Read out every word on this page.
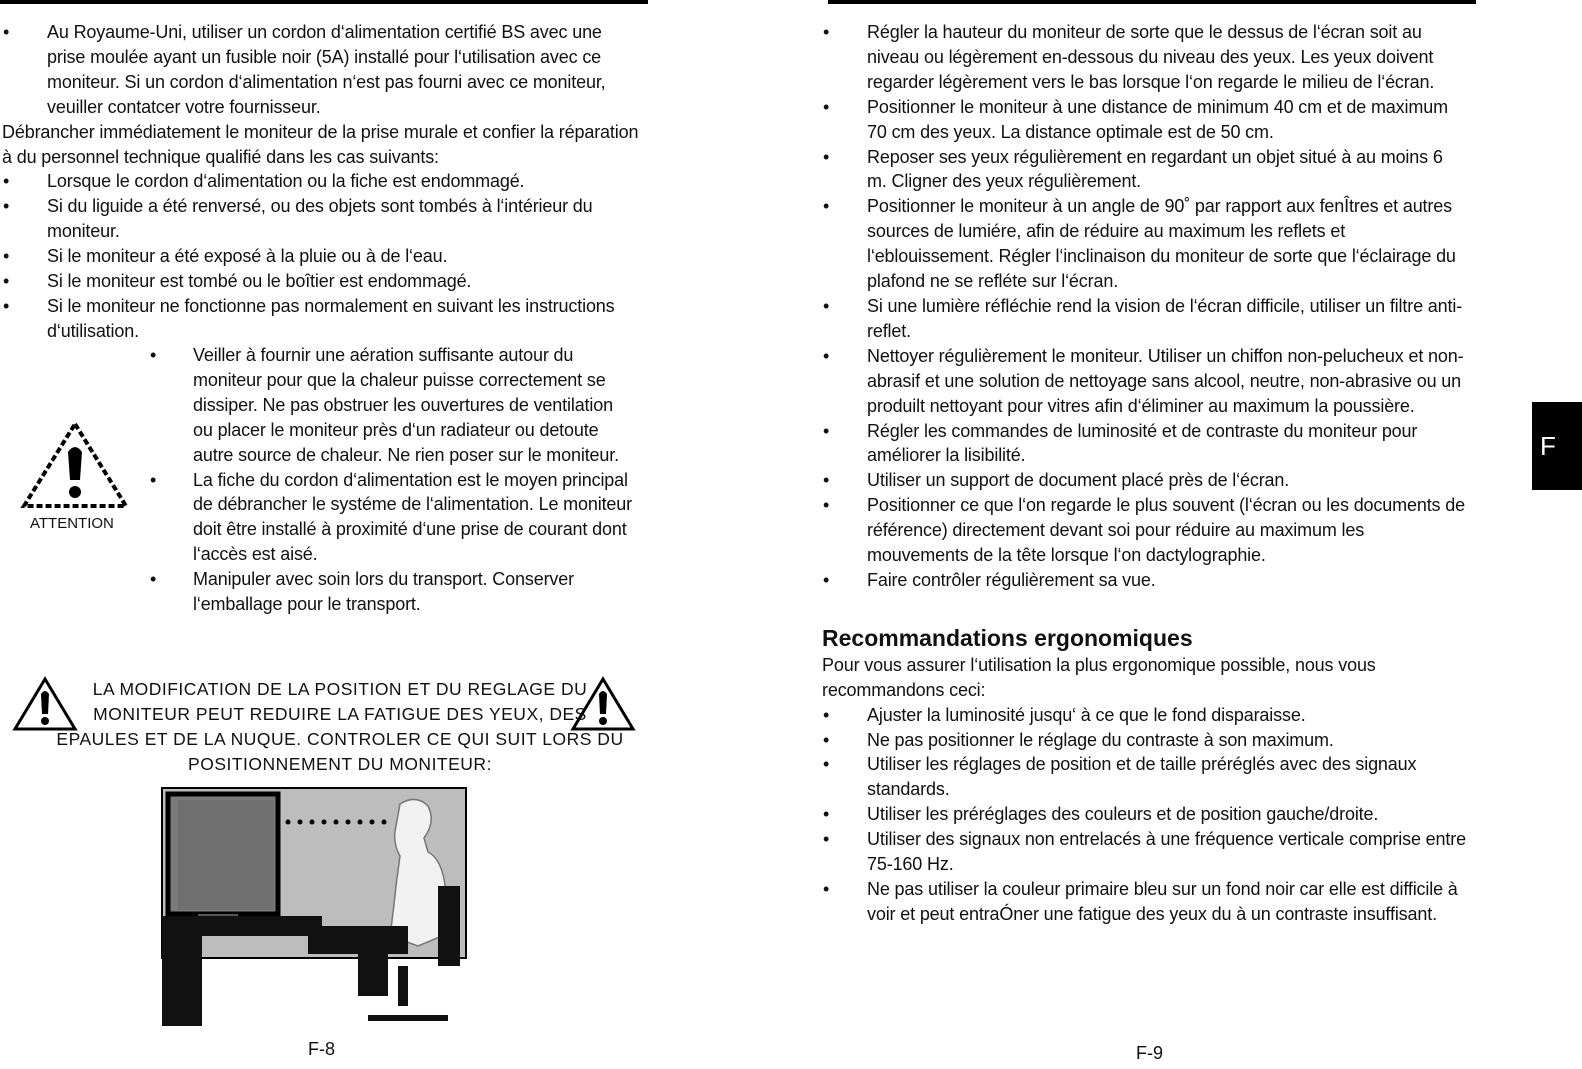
• Au Royaume-Uni, utiliser un cordon d‘alimentation certifié BS avec une prise moulée ayant un fusible noir (5A) installé pour l‘utilisation avec ce moniteur. Si un cordon d‘alimentation n‘est pas fourni avec ce moniteur, veuiller contatcer votre fournisseur.

Débrancher immédiatement le moniteur de la prise murale et confier la réparation à du personnel technique qualifié dans les cas suivants:

• Lorsque le cordon d‘alimentation ou la fiche est endommagé.

• Si du liguide a été renversé, ou des objets sont tombés à l‘intérieur du moniteur.

• Si le moniteur a été exposé à la pluie ou à de l‘eau.

• Si le moniteur est tombé ou le boîtier est endommagé.

• Si le moniteur ne fonctionne pas normalement en suivant les instructions d‘utilisation.

ATTENTION

• Veiller à fournir une aération suffisante autour du moniteur pour que la chaleur puisse correctement se dissiper. Ne pas obstruer les ouvertures de ventilation ou placer le moniteur près d‘un radiateur ou detoute autre source de chaleur. Ne rien poser sur le moniteur.

• La fiche du cordon d‘alimentation est le moyen principal de débrancher le systéme de l‘alimentation. Le moniteur doit être installé à proximité d‘une prise de courant dont l‘accès est aisé.

• Manipuler avec soin lors du transport. Conserver l‘emballage pour le transport.

LA MODIFICATION DE LA POSITION ET DU REGLAGE DU MONITEUR PEUT REDUIRE LA FATIGUE DES YEUX, DES EPAULES ET DE LA NUQUE. CONTROLER CE QUI SUIT LORS DU POSITIONNEMENT DU MONITEUR:
F-8

• Régler la hauteur du moniteur de sorte que le dessus de l‘écran soit au niveau ou légèrement en-dessous du niveau des yeux. Les yeux doivent regarder légèrement vers le bas lorsque l‘on regarde le milieu de l‘écran.

• Positionner le moniteur à une distance de minimum 40 cm et de maximum 70 cm des yeux. La distance optimale est de 50 cm.

• Reposer ses yeux régulièrement en regardant un objet situé à au moins 6 m. Cligner des yeux régulièrement.

• Positionner le moniteur à un angle de 90˚ par rapport aux fenÎtres et autres sources de lumiére, afin de réduire au maximum les reflets et l‘eblouissement. Régler l‘inclinaison du moniteur de sorte que l‘éclairage du plafond ne se refléte sur l‘écran.

• Si une lumière réfléchie rend la vision de l‘écran difficile, utiliser un filtre anti-reflet.

• Nettoyer régulièrement le moniteur. Utiliser un chiffon non-pelucheux et non-abrasif et une solution de nettoyage sans alcool, neutre, non-abrasive ou un produilt nettoyant pour vitres afin d‘éliminer au maximum la poussière.

• Régler les commandes de luminosité et de contraste du moniteur pour améliorer la lisibilité.

• Utiliser un support de document placé près de l‘écran.

• Positionner ce que l‘on regarde le plus souvent (l‘écran ou les documents de référence) directement devant soi pour réduire au maximum les mouvements de la tête lorsque l‘on dactylographie.

• Faire contrôler régulièrement sa vue.

Recommandations ergonomiques

Pour vous assurer l‘utilisation la plus ergonomique possible, nous vous recommandons ceci:

• Ajuster la luminosité jusqu‘ à ce que le fond disparaisse.

• Ne pas positionner le réglage du contraste à son maximum.

• Utiliser les réglages de position et de taille préréglés avec des signaux standards.

• Utiliser les préréglages des couleurs et de position gauche/droite.

• Utiliser des signaux non entrelacés à une fréquence verticale comprise entre 75-160 Hz.

• Ne pas utiliser la couleur primaire bleu sur un fond noir car elle est difficile à voir et peut entraÓner une fatigue des yeux du à un contraste insuffisant.

F-9
F
